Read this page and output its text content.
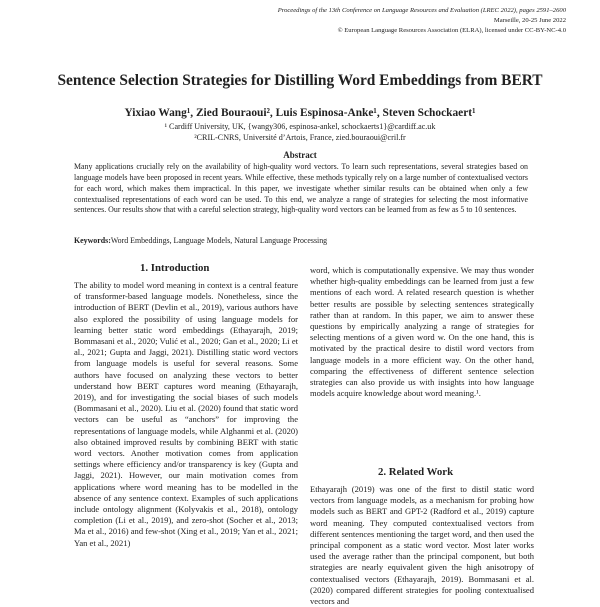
Proceedings of the 13th Conference on Language Resources and Evaluation (LREC 2022), pages 2591–2600
Marseille, 20-25 June 2022
© European Language Resources Association (ELRA), licensed under CC-BY-NC-4.0
Sentence Selection Strategies for Distilling Word Embeddings from BERT
Yixiao Wang¹, Zied Bouraoui², Luis Espinosa-Anke¹, Steven Schockaert¹
¹ Cardiff University, UK, {wangy306, espinosa-ankel, schockaerts1}@cardiff.ac.uk
²CRIL-CNRS, Université d’Artois, France, zied.bouraoui@cril.fr
Abstract
Many applications crucially rely on the availability of high-quality word vectors. To learn such representations, several strategies based on language models have been proposed in recent years. While effective, these methods typically rely on a large number of contextualised vectors for each word, which makes them impractical. In this paper, we investigate whether similar results can be obtained when only a few contextualised representations of each word can be used. To this end, we analyze a range of strategies for selecting the most informative sentences. Our results show that with a careful selection strategy, high-quality word vectors can be learned from as few as 5 to 10 sentences.
Keywords:Word Embeddings, Language Models, Natural Language Processing
1. Introduction

The ability to model word meaning in context is a central feature of transformer-based language models. Nonetheless, since the introduction of BERT (Devlin et al., 2019), various authors have also explored the possibility of using language models for learning better static word embeddings (Ethayarajh, 2019; Bommasani et al., 2020; Vulić et al., 2020; Gan et al., 2020; Li et al., 2021; Gupta and Jaggi, 2021). Distilling static word vectors from language models is useful for several reasons. Some authors have focused on analyzing these vectors to better understand how BERT captures word meaning (Ethayarajh, 2019), and for investigating the social biases of such models (Bommasani et al., 2020). Liu et al. (2020) found that static word vectors can be useful as “anchors” for improving the representations of language models, while Alghanmi et al. (2020) also obtained improved results by combining BERT with static word vectors. Another motivation comes from application settings where efficiency and/or transparency is key (Gupta and Jaggi, 2021). However, our main motivation comes from applications where word meaning has to be modelled in the absence of any sentence context. Examples of such applications include ontology alignment (Kolyvakis et al., 2018), ontology completion (Li et al., 2019), and zero-shot (Socher et al., 2013; Ma et al., 2016) and few-shot (Xing et al., 2019; Yan et al., 2021; Yan et al., 2021)

word, which is computationally expensive. We may thus wonder whether high-quality embeddings can be learned from just a few mentions of each word. A related research question is whether better results are possible by selecting sentences strategically rather than at random. In this paper, we aim to answer these questions by empirically analyzing a range of strategies for selecting mentions of a given word w. On the one hand, this is motivated by the practical desire to distil word vectors from language models in a more efficient way. On the other hand, comparing the effectiveness of different sentence selection strategies can also provide us with insights into how language models acquire knowledge about word meaning.¹.

2. Related Work

Ethayarajh (2019) was one of the first to distil static word vectors from language models, as a mechanism for probing how models such as BERT and GPT-2 (Radford et al., 2019) capture word meaning. They computed contextualised vectors from different sentences mentioning the target word, and then used the principal component as a static word vector. Most later works used the average rather than the principal component, but both strategies are nearly equivalent given the high anisotropy of contextualised vectors (Ethayarajh, 2019). Bommasani et al. (2020) compared different strategies for pooling contextualised vectors and
